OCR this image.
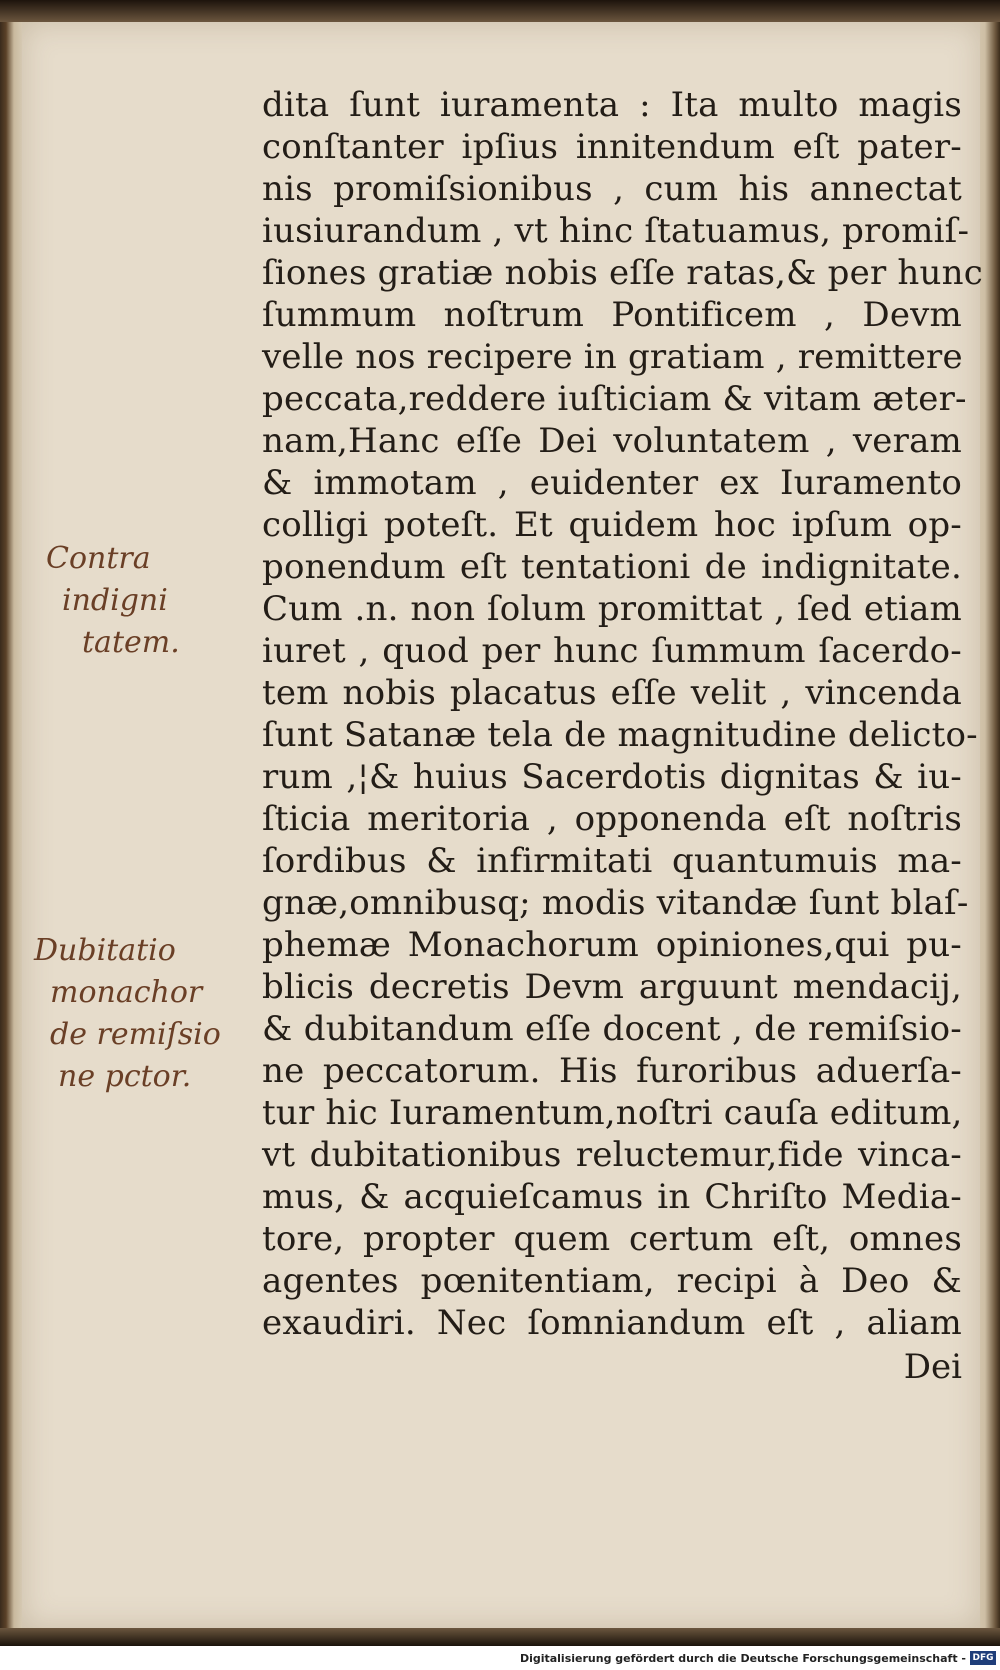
dita ſunt iuramenta : Ita multo magis
conſtanter ipſius innitendum eſt pater-
nis promiſsionibus , cum his annectat
iusiurandum , vt hinc ſtatuamus, promiſ-
ſiones gratiæ nobis eſſe ratas,& per hunc
ſummum noſtrum Pontificem , Devm
velle nos recipere in gratiam , remittere
peccata,reddere iuſticiam & vitam æter-
nam,Hanc eſſe Dei voluntatem , veram
& immotam , euidenter ex Iuramento
colligi poteſt. Et quidem hoc ipſum op-
ponendum eſt tentationi de indignitate.
Cum .n. non ſolum promittat , ſed etiam
iuret , quod per hunc ſummum ſacerdo-
tem nobis placatus eſſe velit , vincenda
ſunt Satanæ tela de magnitudine delicto-
rum ,¦& huius Sacerdotis dignitas & iu-
ſticia meritoria , opponenda eſt noſtris
ſordibus & infirmitati quantumuis ma-
gnæ,omnibusq; modis vitandæ ſunt blaſ-
phemæ Monachorum opiniones,qui pu-
blicis decretis Devm arguunt mendacij,
& dubitandum eſſe docent , de remiſsio-
ne peccatorum. His furoribus aduerſa-
tur hic Iuramentum,noſtri cauſa editum,
vt dubitationibus reluctemur,fide vinca-
mus, & acquieſcamus in Chriſto Media-
tore, propter quem certum eſt, omnes
agentes pœnitentiam, recipi à Deo &
exaudiri. Nec ſomniandum eſt , aliam
Dei
Contra
indigni
tatem.
Dubitatio
monachor
de remiſsio
ne pctor.
Digitalisierung gefördert durch die Deutsche Forschungsgemeinschaft - DFG
